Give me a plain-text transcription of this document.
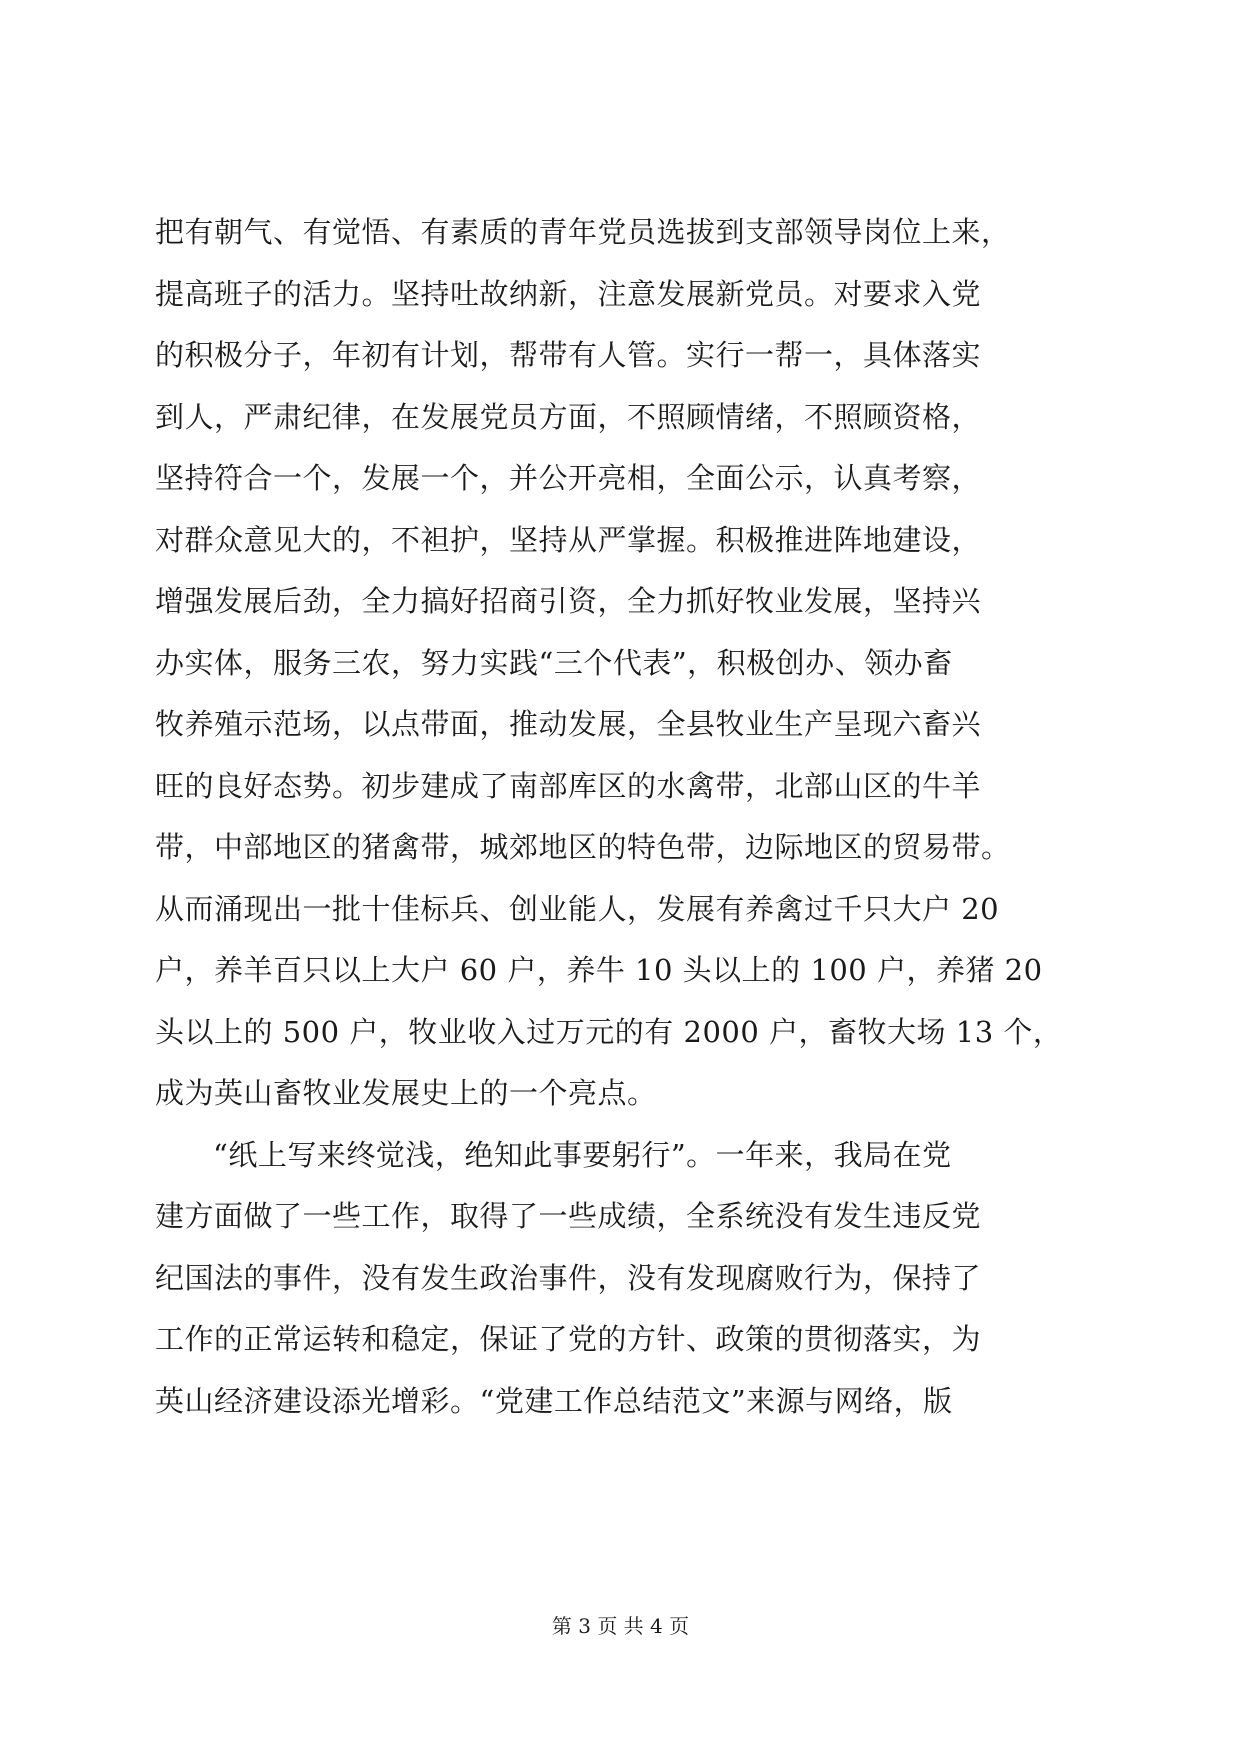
把有朝气、有觉悟、有素质的青年党员选拔到支部领导岗位上来，
提高班子的活力。坚持吐故纳新，注意发展新党员。对要求入党
的积极分子，年初有计划，帮带有人管。实行一帮一，具体落实
到人，严肃纪律，在发展党员方面，不照顾情绪，不照顾资格，
坚持符合一个，发展一个，并公开亮相，全面公示，认真考察，
对群众意见大的，不袒护，坚持从严掌握。积极推进阵地建设，
增强发展后劲，全力搞好招商引资，全力抓好牧业发展，坚持兴
办实体，服务三农，努力实践“三个代表”，积极创办、领办畜
牧养殖示范场，以点带面，推动发展，全县牧业生产呈现六畜兴
旺的良好态势。初步建成了南部库区的水禽带，北部山区的牛羊
带，中部地区的猪禽带，城郊地区的特色带，边际地区的贸易带。
从而涌现出一批十佳标兵、创业能人，发展有养禽过千只大户 20
户，养羊百只以上大户 60 户，养牛 10 头以上的 100 户，养猪 20
头以上的 500 户，牧业收入过万元的有 2000 户，畜牧大场 13 个，
成为英山畜牧业发展史上的一个亮点。
“纸上写来终觉浅，绝知此事要躬行”。一年来，我局在党
建方面做了一些工作，取得了一些成绩，全系统没有发生违反党
纪国法的事件，没有发生政治事件，没有发现腐败行为，保持了
工作的正常运转和稳定，保证了党的方针、政策的贯彻落实，为
英山经济建设添光增彩。“党建工作总结范文”来源与网络，版
第 3 页 共 4 页
